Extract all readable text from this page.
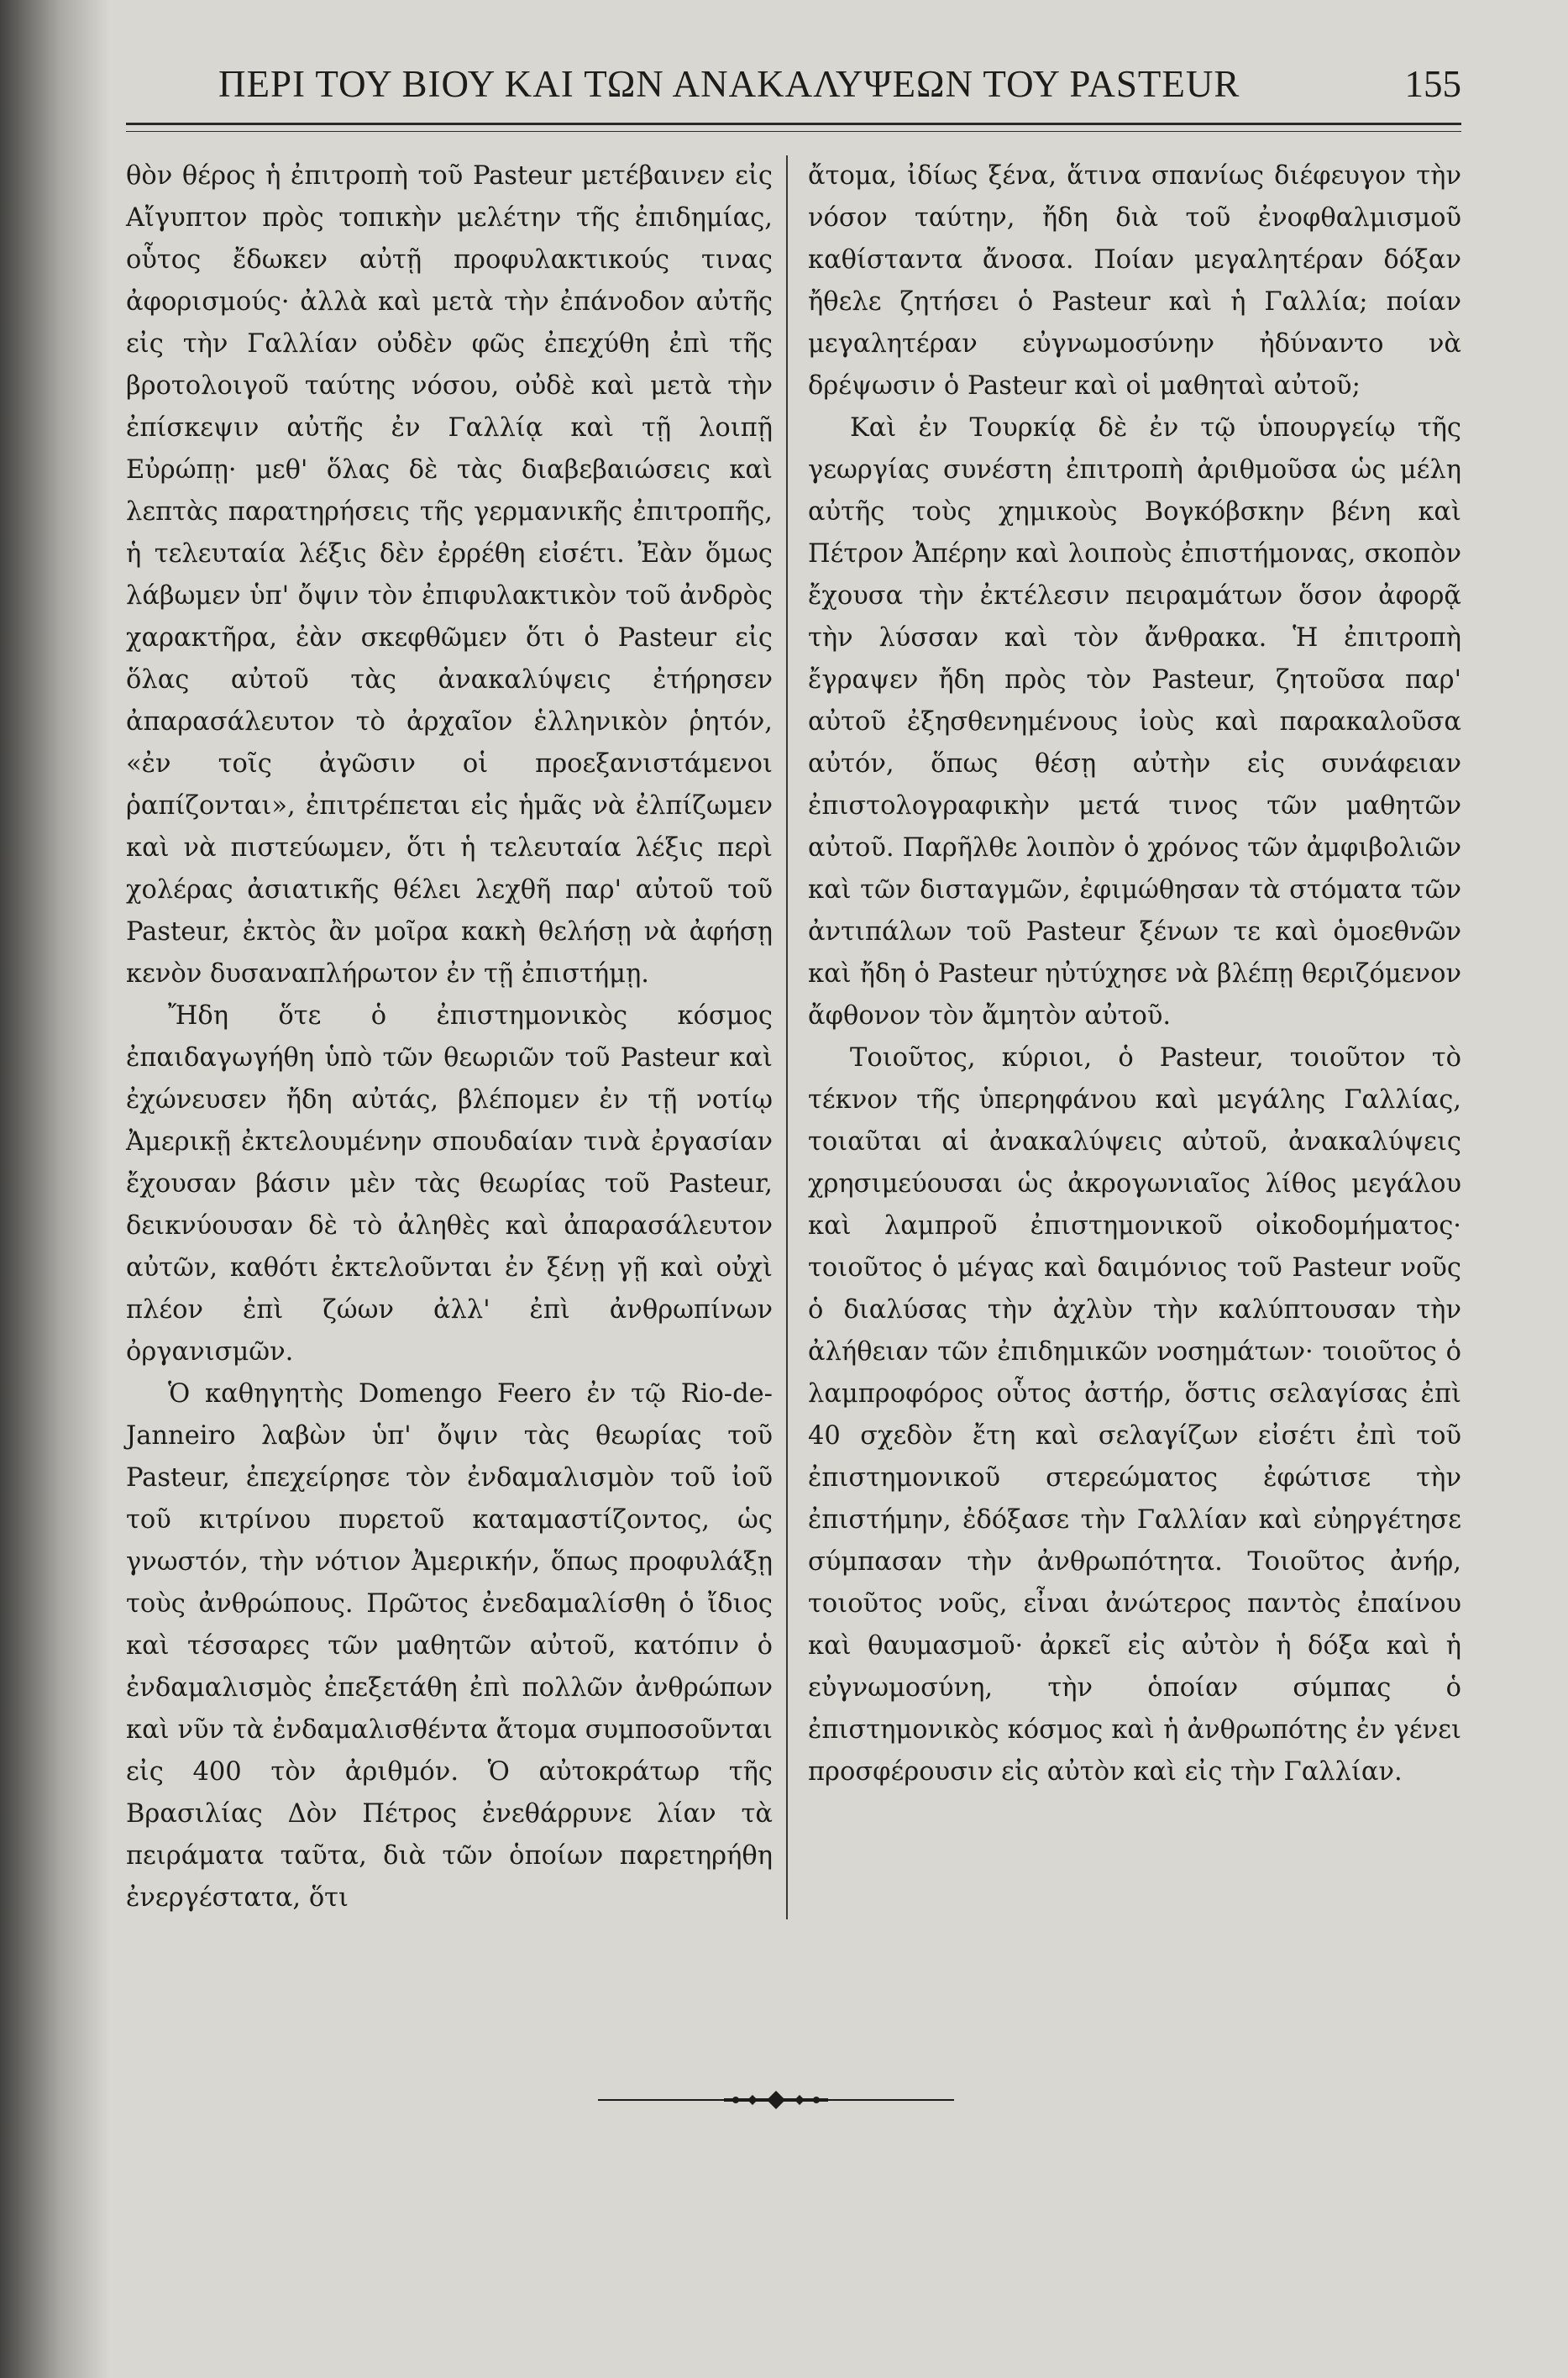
ΠΕΡΙ ΤΟΥ ΒΙΟΥ ΚΑΙ ΤΩΝ ΑΝΑΚΑΛΥΨΕΩΝ ΤΟΥ PASTEUR	155

θὸν θέρος ἡ ἐπιτροπὴ τοῦ Pasteur μετέβαινεν εἰς Αἴγυπτον πρὸς τοπικὴν μελέτην τῆς ἐπιδημίας, οὗτος ἔδωκεν αὐτῇ προφυλακτικούς τινας ἀφορισμούς· ἀλλὰ καὶ μετὰ τὴν ἐπάνοδον αὐτῆς εἰς τὴν Γαλλίαν οὐδὲν φῶς ἐπεχύθη ἐπὶ τῆς βροτολοιγοῦ ταύτης νόσου, οὐδὲ καὶ μετὰ τὴν ἐπίσκεψιν αὐτῆς ἐν Γαλλίᾳ καὶ τῇ λοιπῇ Εὐρώπῃ· μεθ' ὅλας δὲ τὰς διαβεβαιώσεις καὶ λεπτὰς παρατηρήσεις τῆς γερμανικῆς ἐπιτροπῆς, ἡ τελευταία λέξις δὲν ἐρρέθη εἰσέτι. Ἐὰν ὅμως λάβωμεν ὑπ' ὄψιν τὸν ἐπιφυλακτικὸν τοῦ ἀνδρὸς χαρακτῆρα, ἐὰν σκεφθῶμεν ὅτι ὁ Pasteur εἰς ὅλας αὐτοῦ τὰς ἀνακαλύψεις ἐτήρησεν ἀπαρασάλευτον τὸ ἀρχαῖον ἑλληνικὸν ῥητόν, «ἐν τοῖς ἀγῶσιν οἱ προεξανιστάμενοι ῥαπίζονται», ἐπιτρέπεται εἰς ἡμᾶς νὰ ἐλπίζωμεν καὶ νὰ πιστεύωμεν, ὅτι ἡ τελευταία λέξις περὶ χολέρας ἀσιατικῆς θέλει λεχθῆ παρ' αὐτοῦ τοῦ Pasteur, ἐκτὸς ἂν μοῖρα κακὴ θελήσῃ νὰ ἀφήσῃ κενὸν δυσαναπλήρωτον ἐν τῇ ἐπιστήμῃ.

Ἤδη ὅτε ὁ ἐπιστημονικὸς κόσμος ἐπαιδαγωγήθη ὑπὸ τῶν θεωριῶν τοῦ Pasteur καὶ ἐχώνευσεν ἤδη αὐτάς, βλέπομεν ἐν τῇ νοτίῳ Ἀμερικῇ ἐκτελουμένην σπουδαίαν τινὰ ἐργασίαν ἔχουσαν βάσιν μὲν τὰς θεωρίας τοῦ Pasteur, δεικνύουσαν δὲ τὸ ἀληθὲς καὶ ἀπαρασάλευτον αὐτῶν, καθότι ἐκτελοῦνται ἐν ξένῃ γῇ καὶ οὐχὶ πλέον ἐπὶ ζώων ἀλλ' ἐπὶ ἀνθρωπίνων ὀργανισμῶν.

Ὁ καθηγητὴς Domengo Feero ἐν τῷ Rio-de-Janneiro λαβὼν ὑπ' ὄψιν τὰς θεωρίας τοῦ Pasteur, ἐπεχείρησε τὸν ἐνδαμαλισμὸν τοῦ ἰοῦ τοῦ κιτρίνου πυρετοῦ καταμαστίζοντος, ὡς γνωστόν, τὴν νότιον Ἀμερικήν, ὅπως προφυλάξῃ τοὺς ἀνθρώπους. Πρῶτος ἐνεδαμαλίσθη ὁ ἴδιος καὶ τέσσαρες τῶν μαθητῶν αὐτοῦ, κατόπιν ὁ ἐνδαμαλισμὸς ἐπεξετάθη ἐπὶ πολλῶν ἀνθρώπων καὶ νῦν τὰ ἐνδαμαλισθέντα ἄτομα συμποσοῦνται εἰς 400 τὸν ἀριθμόν. Ὁ αὐτοκράτωρ τῆς Βρασιλίας Δὸν Πέτρος ἐνεθάρρυνε λίαν τὰ πειράματα ταῦτα, διὰ τῶν ὁποίων παρετηρήθη ἐνεργέστατα, ὅτι

ἄτομα, ἰδίως ξένα, ἅτινα σπανίως διέφευγον τὴν νόσον ταύτην, ἤδη διὰ τοῦ ἐνοφθαλμισμοῦ καθίσταντα ἄνοσα. Ποίαν μεγαλητέραν δόξαν ἤθελε ζητήσει ὁ Pasteur καὶ ἡ Γαλλία; ποίαν μεγαλητέραν εὐγνωμοσύνην ἠδύναντο νὰ δρέψωσιν ὁ Pasteur καὶ οἱ μαθηταὶ αὐτοῦ;

Καὶ ἐν Τουρκίᾳ δὲ ἐν τῷ ὑπουργείῳ τῆς γεωργίας συνέστη ἐπιτροπὴ ἀριθμοῦσα ὡς μέλη αὐτῆς τοὺς χημικοὺς Βογκόβσκην βένη καὶ Πέτρον Ἀπέρην καὶ λοιποὺς ἐπιστήμονας, σκοπὸν ἔχουσα τὴν ἐκτέλεσιν πειραμάτων ὅσον ἀφορᾷ τὴν λύσσαν καὶ τὸν ἄνθρακα. Ἡ ἐπιτροπὴ ἔγραψεν ἤδη πρὸς τὸν Pasteur, ζητοῦσα παρ' αὐτοῦ ἐξησθενημένους ἰοὺς καὶ παρακαλοῦσα αὐτόν, ὅπως θέσῃ αὐτὴν εἰς συνάφειαν ἐπιστολογραφικὴν μετά τινος τῶν μαθητῶν αὐτοῦ. Παρῆλθε λοιπὸν ὁ χρόνος τῶν ἀμφιβολιῶν καὶ τῶν δισταγμῶν, ἐφιμώθησαν τὰ στόματα τῶν ἀντιπάλων τοῦ Pasteur ξένων τε καὶ ὁμοεθνῶν καὶ ἤδη ὁ Pasteur ηὐτύχησε νὰ βλέπῃ θεριζόμενον ἄφθονον τὸν ἄμητὸν αὐτοῦ.

Τοιοῦτος, κύριοι, ὁ Pasteur, τοιοῦτον τὸ τέκνον τῆς ὑπερηφάνου καὶ μεγάλης Γαλλίας, τοιαῦται αἱ ἀνακαλύψεις αὐτοῦ, ἀνακαλύψεις χρησιμεύουσαι ὡς ἀκρογωνιαῖος λίθος μεγάλου καὶ λαμπροῦ ἐπιστημονικοῦ οἰκοδομήματος· τοιοῦτος ὁ μέγας καὶ δαιμόνιος τοῦ Pasteur νοῦς ὁ διαλύσας τὴν ἀχλὺν τὴν καλύπτουσαν τὴν ἀλήθειαν τῶν ἐπιδημικῶν νοσημάτων· τοιοῦτος ὁ λαμπροφόρος οὗτος ἀστήρ, ὅστις σελαγίσας ἐπὶ 40 σχεδὸν ἔτη καὶ σελαγίζων εἰσέτι ἐπὶ τοῦ ἐπιστημονικοῦ στερεώματος ἐφώτισε τὴν ἐπιστήμην, ἐδόξασε τὴν Γαλλίαν καὶ εὐηργέτησε σύμπασαν τὴν ἀνθρωπότητα. Τοιοῦτος ἀνήρ, τοιοῦτος νοῦς, εἶναι ἀνώτερος παντὸς ἐπαίνου καὶ θαυμασμοῦ· ἀρκεῖ εἰς αὐτὸν ἡ δόξα καὶ ἡ εὐγνωμοσύνη, τὴν ὁποίαν σύμπας ὁ ἐπιστημονικὸς κόσμος καὶ ἡ ἀνθρωπότης ἐν γένει προσφέρουσιν εἰς αὐτὸν καὶ εἰς τὴν Γαλλίαν.
